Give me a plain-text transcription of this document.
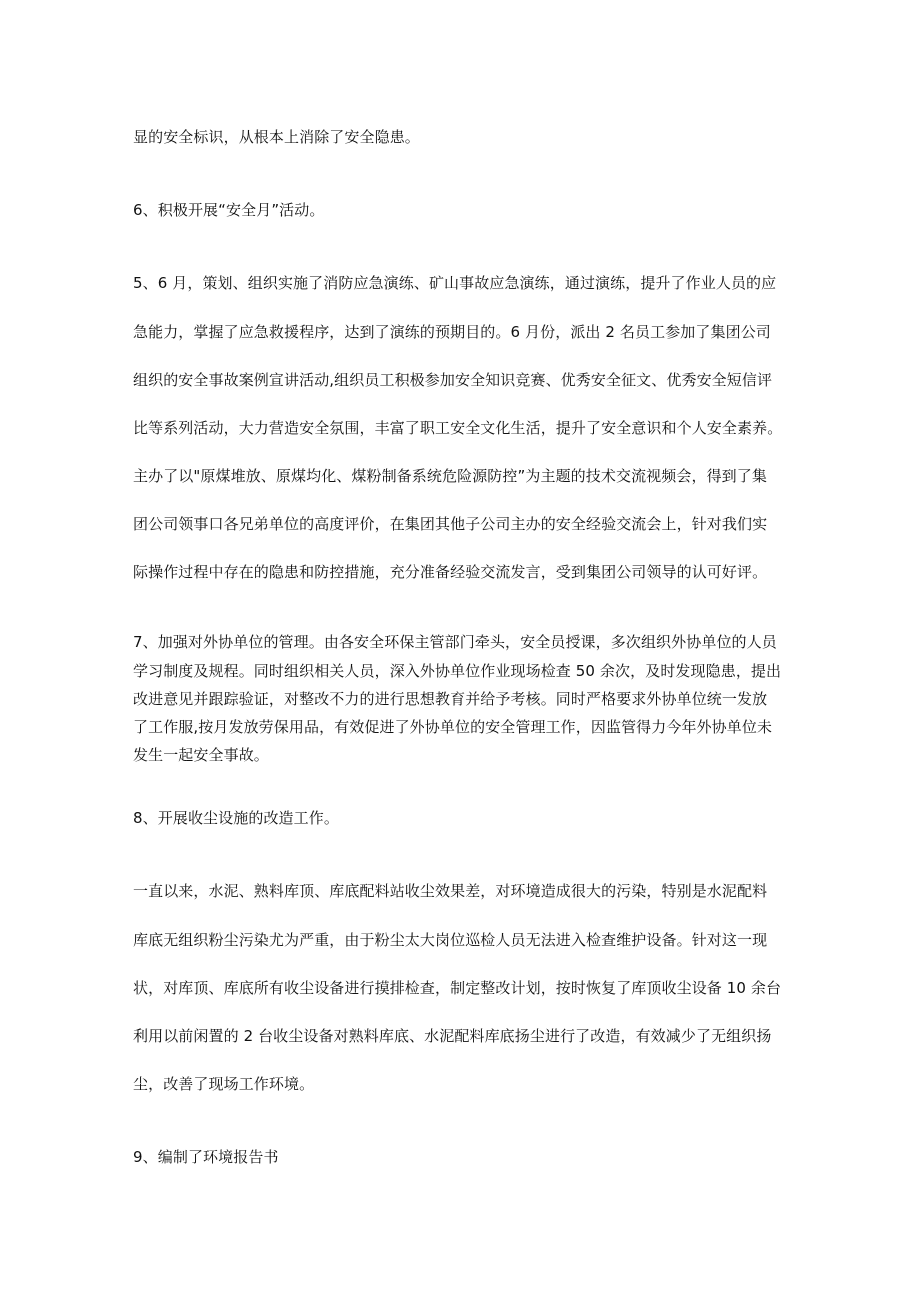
显的安全标识，从根本上消除了安全隐患。
6、积极开展“安全月”活动。
5、6 月，策划、组织实施了消防应急演练、矿山事故应急演练，通过演练，提升了作业人员的应
急能力，掌握了应急救援程序，达到了演练的预期目的。6 月份，派出 2 名员工参加了集团公司
组织的安全事故案例宣讲活动,组织员工积极参加安全知识竞赛、优秀安全征文、优秀安全短信评
比等系列活动，大力营造安全氛围，丰富了职工安全文化生活，提升了安全意识和个人安全素养。
主办了以"原煤堆放、原煤均化、煤粉制备系统危险源防控”为主题的技术交流视频会，得到了集
团公司领事口各兄弟单位的高度评价，在集团其他子公司主办的安全经验交流会上，针对我们实
际操作过程中存在的隐患和防控措施，充分准备经验交流发言，受到集团公司领导的认可好评。
7、加强对外协单位的管理。由各安全环保主管部门牵头，安全员授课，多次组织外协单位的人员
学习制度及规程。同时组织相关人员，深入外协单位作业现场检查 50 余次，及时发现隐患，提出
改进意见并跟踪验证，对整改不力的进行思想教育并给予考核。同时严格要求外协单位统一发放
了工作服,按月发放劳保用品，有效促进了外协单位的安全管理工作，因监管得力今年外协单位未
发生一起安全事故。
8、开展收尘设施的改造工作。
一直以来，水泥、熟料库顶、库底配料站收尘效果差，对环境造成很大的污染，特别是水泥配料
库底无组织粉尘污染尤为严重，由于粉尘太大岗位巡检人员无法进入检查维护设备。针对这一现
状，对库顶、库底所有收尘设备进行摸排检查，制定整改计划，按时恢复了库顶收尘设备 10 余台
利用以前闲置的 2 台收尘设备对熟料库底、水泥配料库底扬尘进行了改造，有效减少了无组织扬
尘，改善了现场工作环境。
9、编制了环境报告书
